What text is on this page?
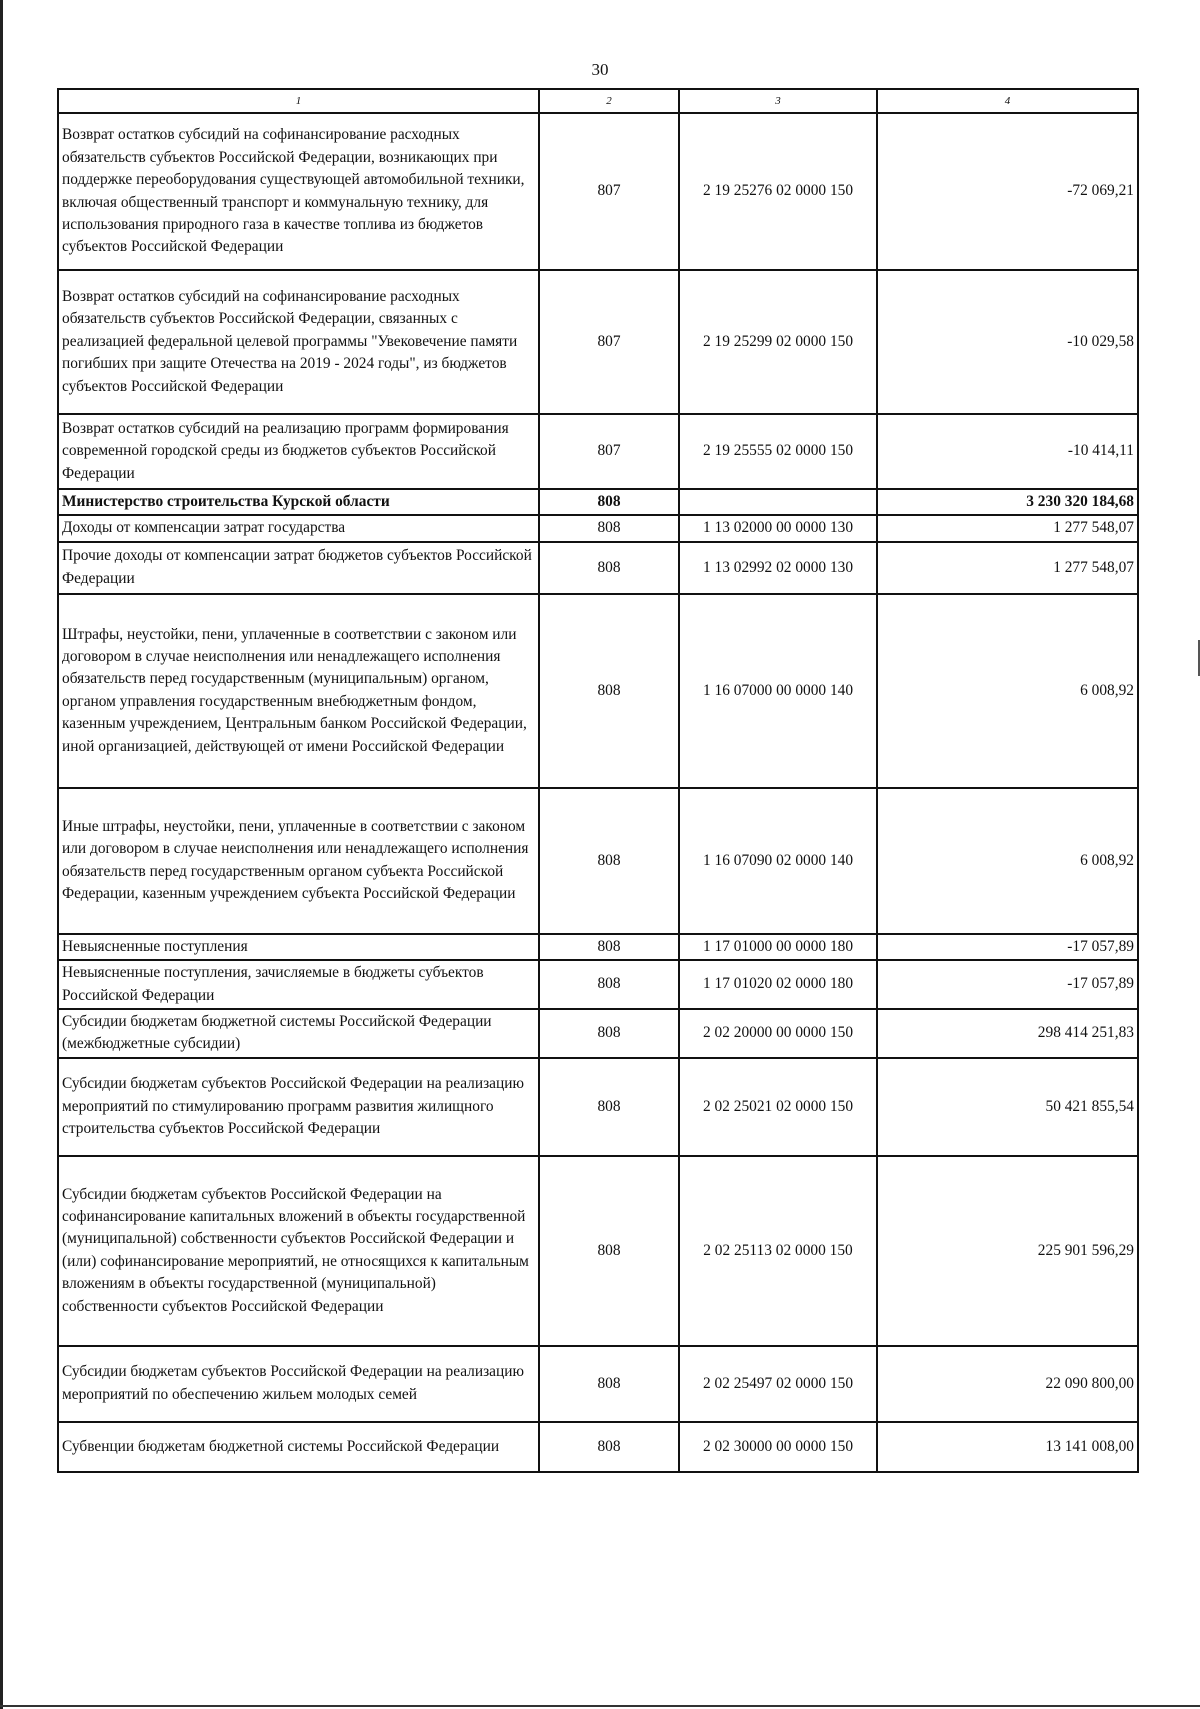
30
1	2	3	4
Возврат остатков субсидий на софинансирование расходных обязательств субъектов Российской Федерации, возникающих при поддержке переоборудования существующей автомобильной техники, включая общественный транспорт и коммунальную технику, для использования природного газа в качестве топлива из бюджетов субъектов Российской Федерации	807	2 19 25276 02 0000 150	-72 069,21
Возврат остатков субсидий на софинансирование расходных обязательств субъектов Российской Федерации, связанных с реализацией федеральной целевой программы "Увековечение памяти погибших при защите Отечества на 2019 - 2024 годы", из бюджетов субъектов Российской Федерации	807	2 19 25299 02 0000 150	-10 029,58
Возврат остатков субсидий на реализацию программ формирования современной городской среды из бюджетов субъектов Российской Федерации	807	2 19 25555 02 0000 150	-10 414,11
Министерство строительства Курской области	808		3 230 320 184,68
Доходы от компенсации затрат государства	808	1 13 02000 00 0000 130	1 277 548,07
Прочие доходы от компенсации затрат бюджетов субъектов Российской Федерации	808	1 13 02992 02 0000 130	1 277 548,07
Штрафы, неустойки, пени, уплаченные в соответствии с законом или договором в случае неисполнения или ненадлежащего исполнения обязательств перед государственным (муниципальным) органом, органом управления государственным внебюджетным фондом, казенным учреждением, Центральным банком Российской Федерации, иной организацией, действующей от имени Российской Федерации	808	1 16 07000 00 0000 140	6 008,92
Иные штрафы, неустойки, пени, уплаченные в соответствии с законом или договором в случае неисполнения или ненадлежащего исполнения обязательств перед государственным органом субъекта Российской Федерации, казенным учреждением субъекта Российской Федерации	808	1 16 07090 02 0000 140	6 008,92
Невыясненные поступления	808	1 17 01000 00 0000 180	-17 057,89
Невыясненные поступления, зачисляемые в бюджеты субъектов Российской Федерации	808	1 17 01020 02 0000 180	-17 057,89
Субсидии бюджетам бюджетной системы Российской Федерации (межбюджетные субсидии)	808	2 02 20000 00 0000 150	298 414 251,83
Субсидии бюджетам субъектов Российской Федерации на реализацию мероприятий по стимулированию программ развития жилищного строительства субъектов Российской Федерации	808	2 02 25021 02 0000 150	50 421 855,54
Субсидии бюджетам субъектов Российской Федерации на софинансирование капитальных вложений в объекты государственной (муниципальной) собственности субъектов Российской Федерации и (или) софинансирование мероприятий, не относящихся к капитальным вложениям в объекты государственной (муниципальной) собственности субъектов Российской Федерации	808	2 02 25113 02 0000 150	225 901 596,29
Субсидии бюджетам субъектов Российской Федерации на реализацию мероприятий по обеспечению жильем молодых семей	808	2 02 25497 02 0000 150	22 090 800,00
Субвенции бюджетам бюджетной системы Российской Федерации	808	2 02 30000 00 0000 150	13 141 008,00
